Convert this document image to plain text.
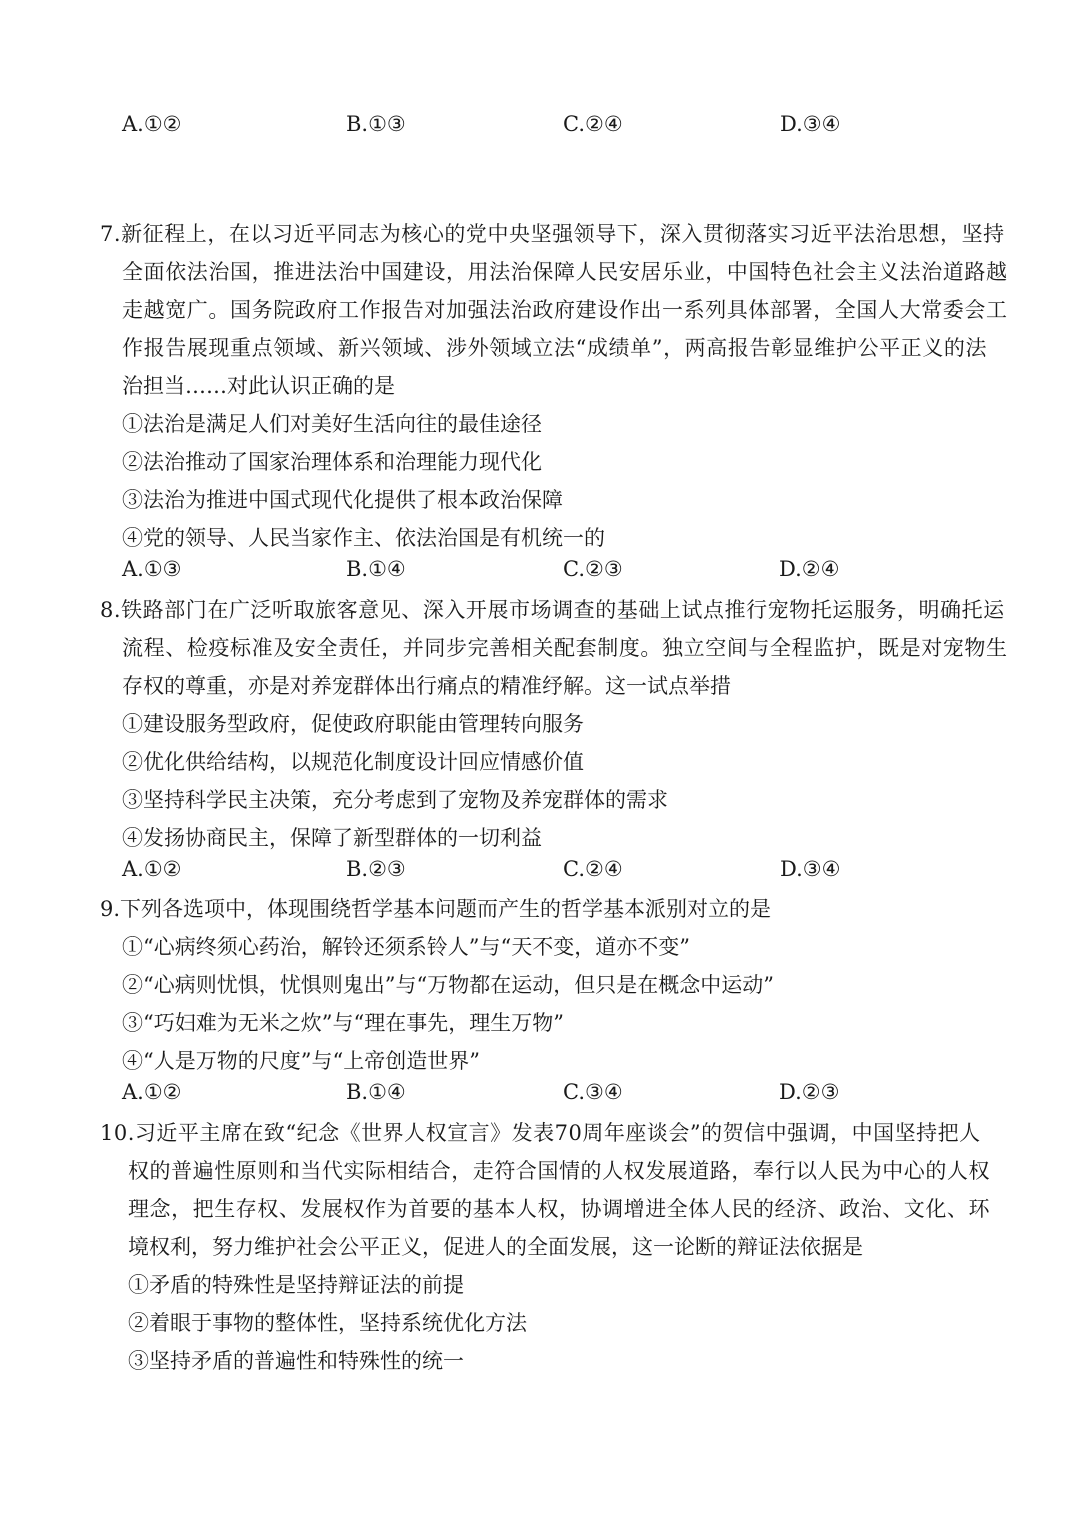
A.①②	B.①③	C.②④	D.③④
7.新征程上，在以习近平同志为核心的党中央坚强领导下，深入贯彻落实习近平法治思想，坚持
全面依法治国，推进法治中国建设，用法治保障人民安居乐业，中国特色社会主义法治道路越
走越宽广。国务院政府工作报告对加强法治政府建设作出一系列具体部署，全国人大常委会工
作报告展现重点领域、新兴领域、涉外领域立法“成绩单”，两高报告彰显维护公平正义的法
治担当……对此认识正确的是
①法治是满足人们对美好生活向往的最佳途径
②法治推动了国家治理体系和治理能力现代化
③法治为推进中国式现代化提供了根本政治保障
④党的领导、人民当家作主、依法治国是有机统一的
A.①③	B.①④	C.②③	D.②④
8.铁路部门在广泛听取旅客意见、深入开展市场调查的基础上试点推行宠物托运服务，明确托运
流程、检疫标准及安全责任，并同步完善相关配套制度。独立空间与全程监护，既是对宠物生
存权的尊重，亦是对养宠群体出行痛点的精准纾解。这一试点举措
①建设服务型政府，促使政府职能由管理转向服务
②优化供给结构，以规范化制度设计回应情感价值
③坚持科学民主决策，充分考虑到了宠物及养宠群体的需求
④发扬协商民主，保障了新型群体的一切利益
A.①②	B.②③	C.②④	D.③④
9.下列各选项中，体现围绕哲学基本问题而产生的哲学基本派别对立的是
①“心病终须心药治，解铃还须系铃人”与“天不变，道亦不变”
②“心病则忧惧，忧惧则鬼出”与“万物都在运动，但只是在概念中运动”
③“巧妇难为无米之炊”与“理在事先，理生万物”
④“人是万物的尺度”与“上帝创造世界”
A.①②	B.①④	C.③④	D.②③
10.习近平主席在致“纪念《世界人权宣言》发表70周年座谈会”的贺信中强调，中国坚持把人
权的普遍性原则和当代实际相结合，走符合国情的人权发展道路，奉行以人民为中心的人权
理念，把生存权、发展权作为首要的基本人权，协调增进全体人民的经济、政治、文化、环
境权利，努力维护社会公平正义，促进人的全面发展，这一论断的辩证法依据是
①矛盾的特殊性是坚持辩证法的前提
②着眼于事物的整体性，坚持系统优化方法
③坚持矛盾的普遍性和特殊性的统一
